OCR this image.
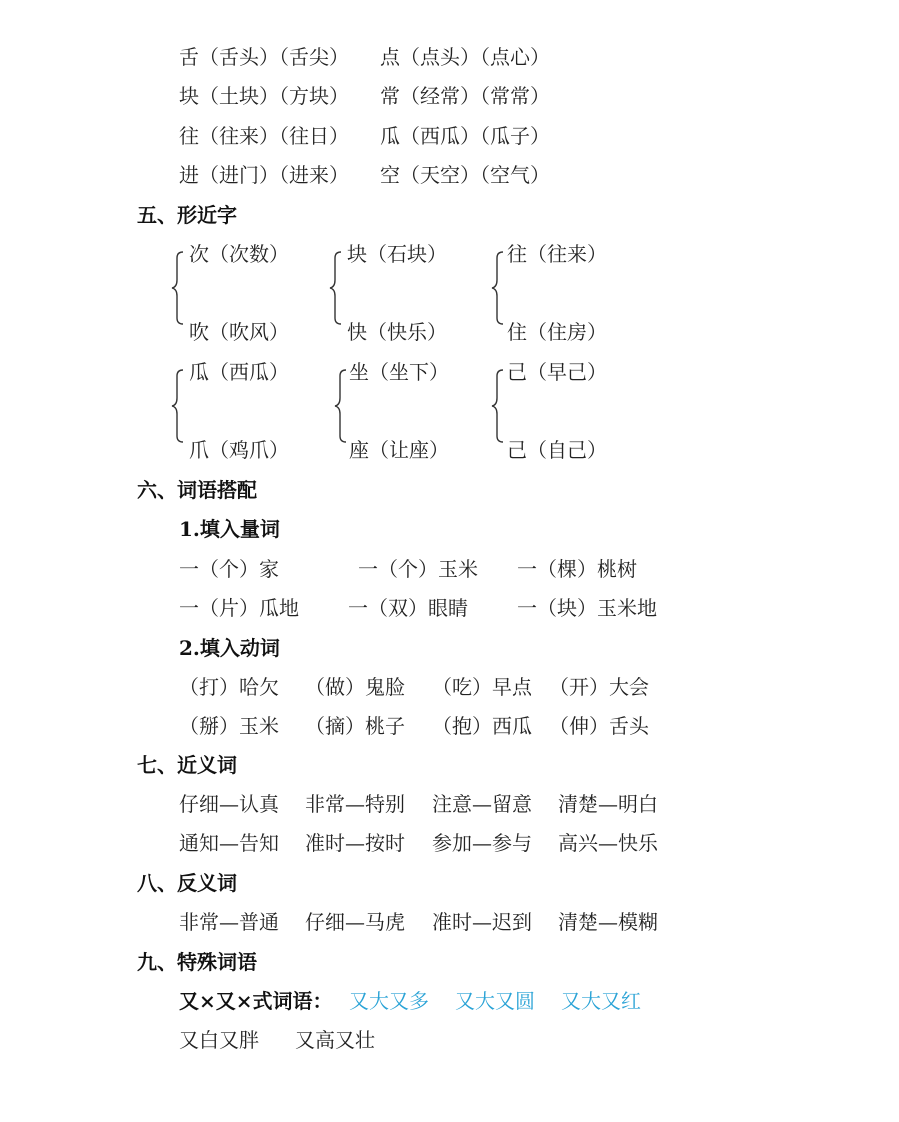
舌（舌头）（舌尖） 点（点头）（点心）
块（土块）（方块） 常（经常）（常常）
往（往来）（往日） 瓜（西瓜）（瓜子）
进（进门）（进来） 空（天空）（空气）
五、形近字
次（次数）
吹（吹风）
块（石块）
快（快乐）
往（往来）
住（住房）
瓜（西瓜）
爪（鸡爪）
坐（坐下）
座（让座）
己（早己）
己（自己）
六、词语搭配
1.填入量词
一（个）家	一（个）玉米 一（棵）桃树
一（片）瓜地 一（双）眼睛 一（块）玉米地
2.填入动词
（打）哈欠 （做）鬼脸 （吃）早点 （开）大会
（掰）玉米 （摘）桃子 （抱）西瓜 （伸）舌头
七、近义词
仔细—认真 非常—特别 注意—留意 清楚—明白
通知—告知 准时—按时 参加—参与 高兴—快乐
八、反义词
非常—普通 仔细—马虎 准时—迟到 清楚—模糊
九、特殊词语
又×又×式词语： 又大又多 又大又圆 又大又红
又白又胖 又高又壮
